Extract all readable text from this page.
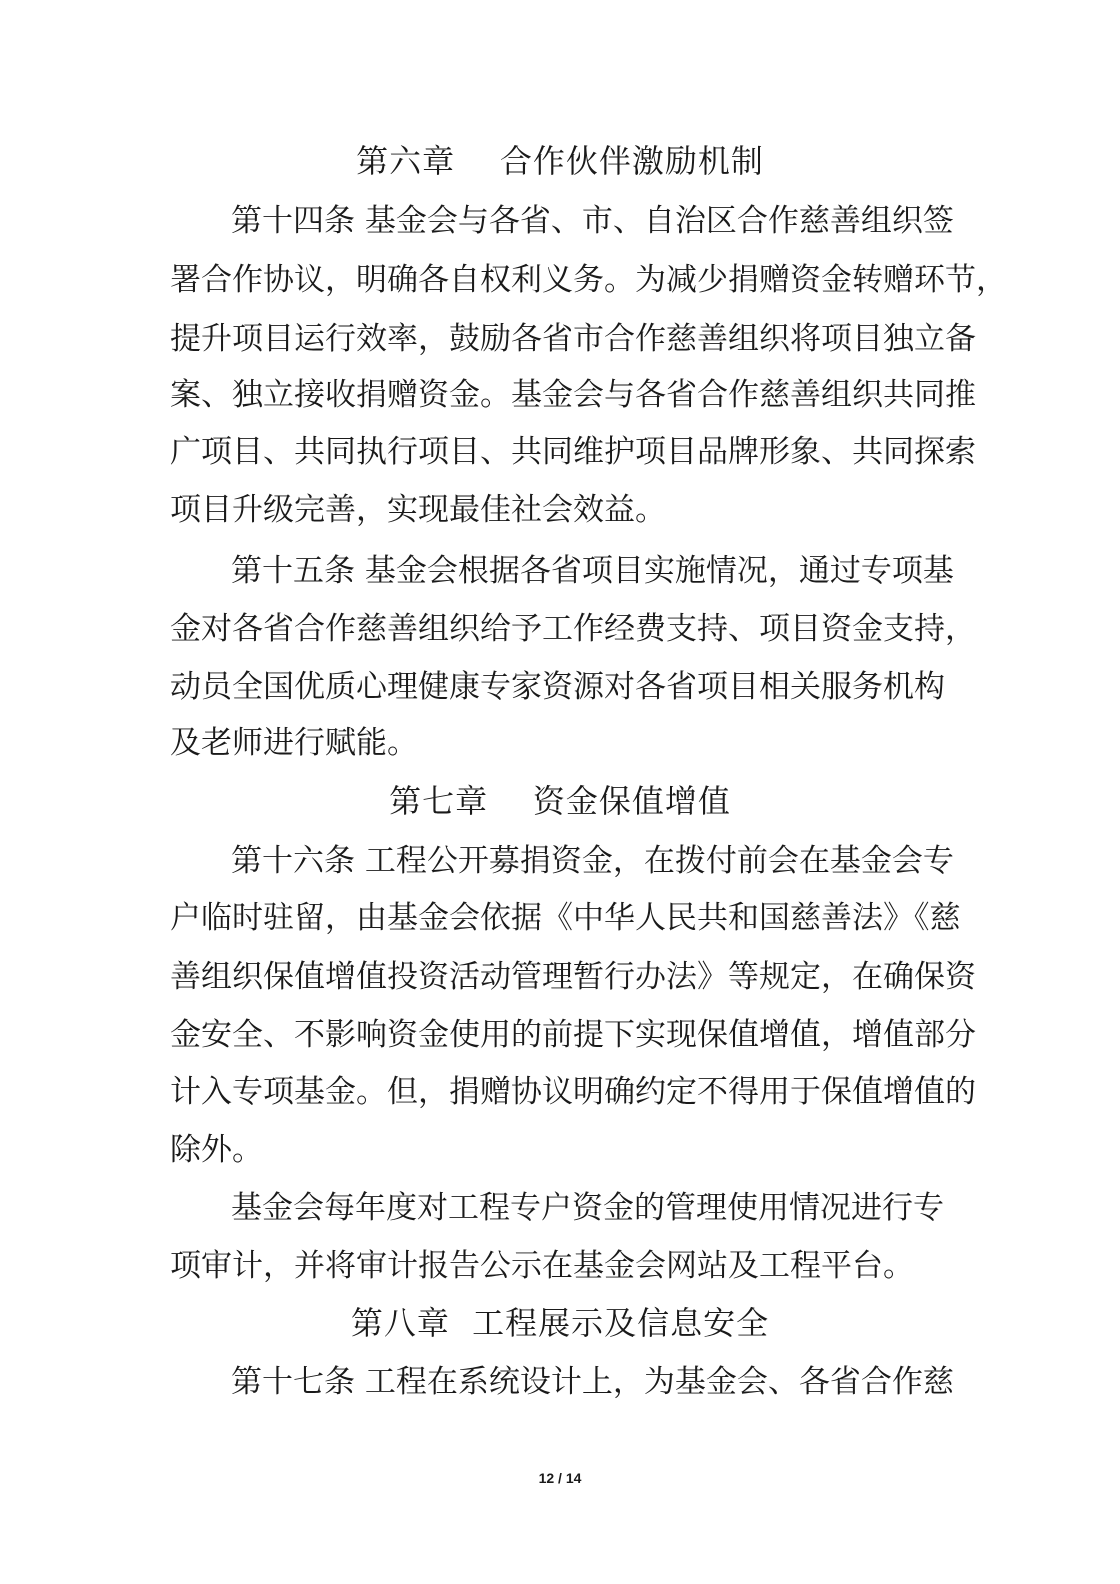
第六章    合作伙伴激励机制
第十四条 基金会与各省、市、自治区合作慈善组织签
署合作协议，明确各自权利义务。为减少捐赠资金转赠环节，
提升项目运行效率，鼓励各省市合作慈善组织将项目独立备
案、独立接收捐赠资金。基金会与各省合作慈善组织共同推
广项目、共同执行项目、共同维护项目品牌形象、共同探索
项目升级完善，实现最佳社会效益。
第十五条 基金会根据各省项目实施情况，通过专项基
金对各省合作慈善组织给予工作经费支持、项目资金支持，
动员全国优质心理健康专家资源对各省项目相关服务机构
及老师进行赋能。
第七章    资金保值增值
第十六条 工程公开募捐资金，在拨付前会在基金会专
户临时驻留，由基金会依据《中华人民共和国慈善法》《慈
善组织保值增值投资活动管理暂行办法》等规定，在确保资
金安全、不影响资金使用的前提下实现保值增值，增值部分
计入专项基金。但，捐赠协议明确约定不得用于保值增值的
除外。
基金会每年度对工程专户资金的管理使用情况进行专
项审计，并将审计报告公示在基金会网站及工程平台。
第八章  工程展示及信息安全
第十七条 工程在系统设计上，为基金会、各省合作慈
12 / 14
